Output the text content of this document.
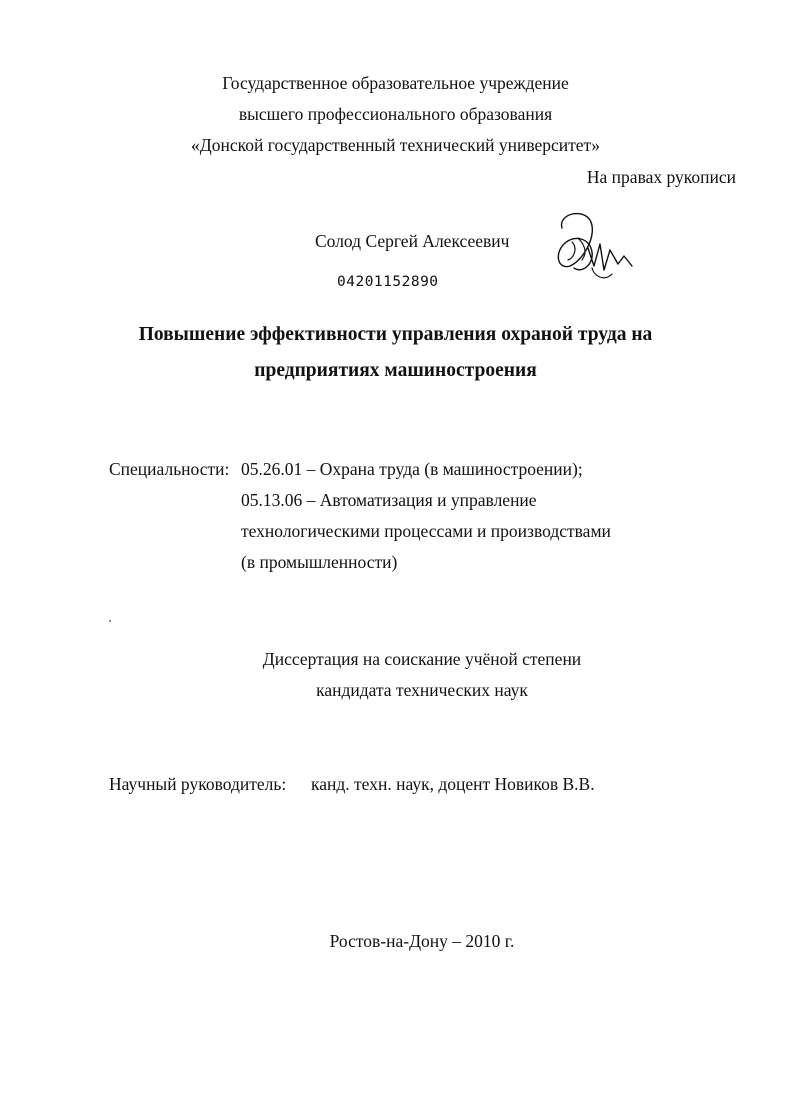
Государственное образовательное учреждение
высшего профессионального образования
«Донской государственный технический университет»
На правах рукописи
Солод Сергей Алексеевич
04201152890
Повышение эффективности управления охраной труда на
предприятиях машиностроения
Специальности: 05.26.01 – Охрана труда (в машиностроении);
05.13.06 – Автоматизация и управление
технологическими процессами и производствами
(в промышленности)
Диссертация на соискание учёной степени
кандидата технических наук
Научный руководитель: канд. техн. наук, доцент Новиков В.В.
Ростов-на-Дону – 2010 г.
